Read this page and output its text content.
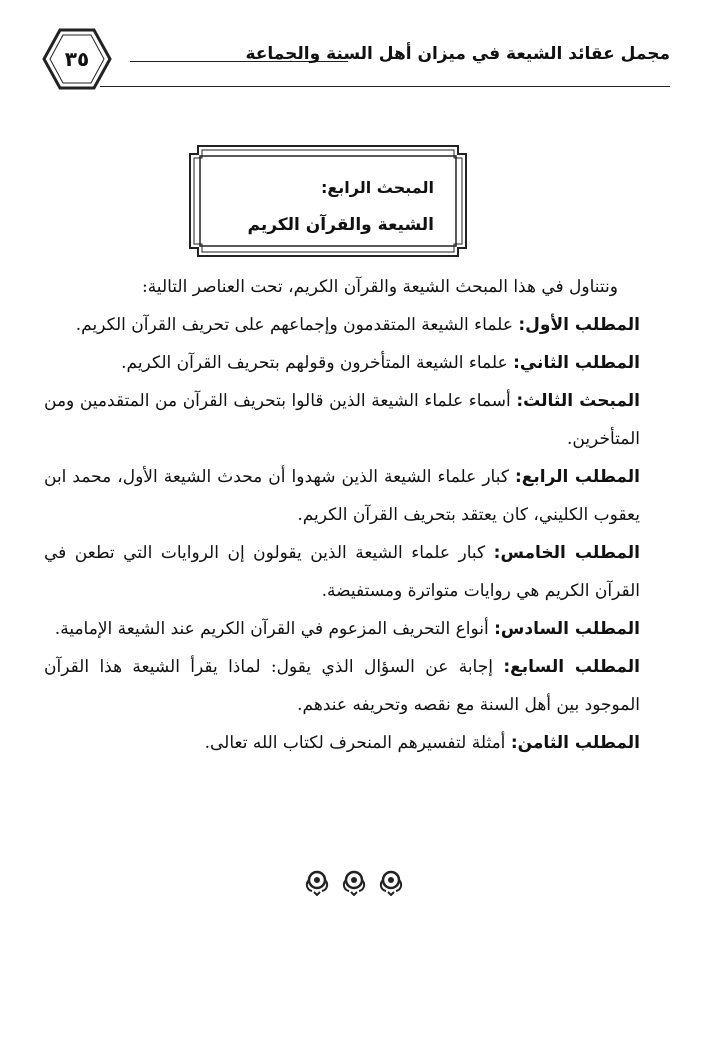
٣٥	مجمل عقائد الشيعة في ميزان أهل السنة والجماعة
المبحث الرابع:
الشيعة والقرآن الكريم

ونتناول في هذا المبحث الشيعة والقرآن الكريم، تحت العناصر التالية:

المطلب الأول: علماء الشيعة المتقدمون وإجماعهم على تحريف القرآن الكريم.

المطلب الثاني: علماء الشيعة المتأخرون وقولهم بتحريف القرآن الكريم.

المبحث الثالث: أسماء علماء الشيعة الذين قالوا بتحريف القرآن من المتقدمين ومن المتأخرين.

المطلب الرابع: كبار علماء الشيعة الذين شهدوا أن محدث الشيعة الأول، محمد ابن يعقوب الكليني، كان يعتقد بتحريف القرآن الكريم.

المطلب الخامس: كبار علماء الشيعة الذين يقولون إن الروايات التي تطعن في القرآن الكريم هي روايات متواترة ومستفيضة.

المطلب السادس: أنواع التحريف المزعوم في القرآن الكريم عند الشيعة الإمامية.

المطلب السابع: إجابة عن السؤال الذي يقول: لماذا يقرأ الشيعة هذا القرآن الموجود بين أهل السنة مع نقصه وتحريفه عندهم.

المطلب الثامن: أمثلة لتفسيرهم المنحرف لكتاب الله تعالى.
